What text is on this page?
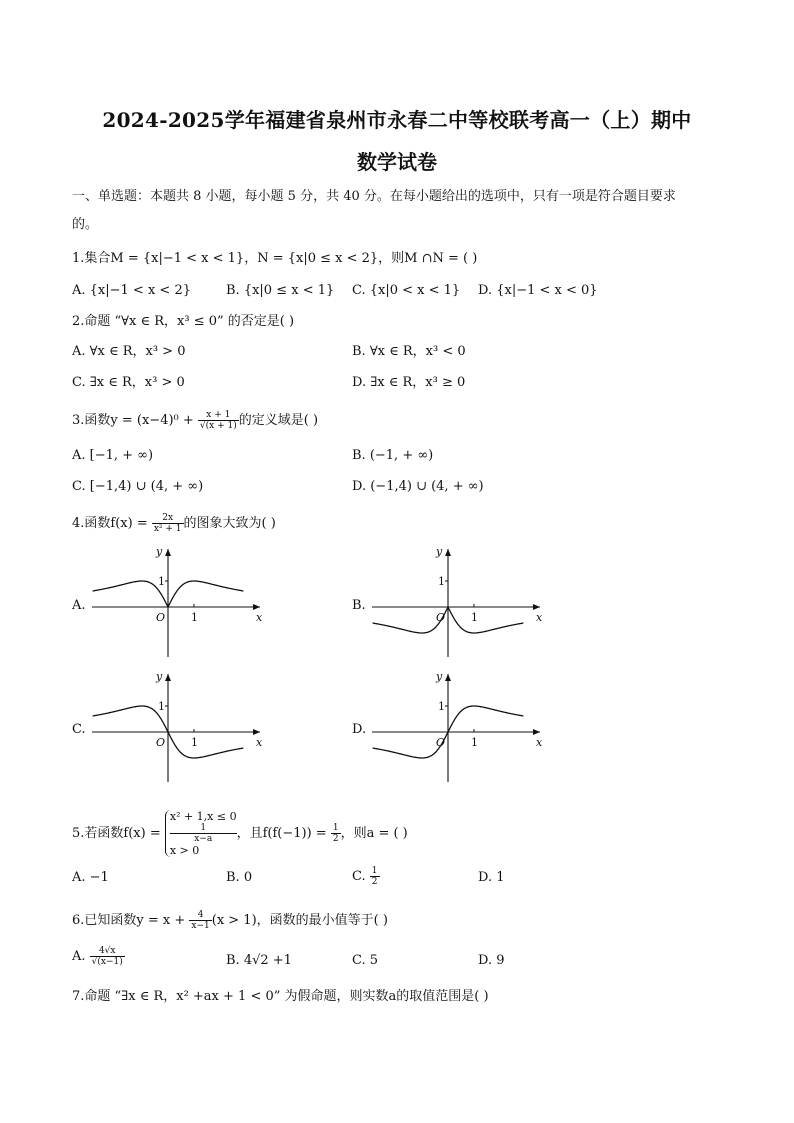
2024-2025学年福建省泉州市永春二中等校联考高一（上）期中
数学试卷
一、单选题：本题共 8 小题，每小题 5 分，共 40 分。在每小题给出的选项中，只有一项是符合题目要求
的。
1.集合M = {x|−1 < x < 1}，N = {x|0 ≤ x < 2}，则M ∩N = ( )
A. {x|−1 < x < 2}	B. {x|0 ≤ x < 1} C. {x|0 < x < 1} D. {x|−1 < x < 0}
2.命题 “∀x ∈ R，x³ ≤ 0” 的否定是( )
A. ∀x ∈ R，x³ > 0	B. ∀x ∈ R，x³ < 0
C. ∃x ∈ R，x³ > 0	D. ∃x ∈ R，x³ ≥ 0
3.函数$y = (x-4)^0 + \frac{x + 1}{√(x + 1)}$ 的定义域是( )
A. [−1, + ∞)	B. (−1, + ∞)
C. [−1,4) ∪ (4, + ∞)	D. (−1,4) ∪ (4, + ∞)
4.函数$f(x) = \frac{2x}{\text{x² + 1}}$ 的图象大致为( )
A.	B.
C.	D.
y
x
O
1
1
y
x
O
1
1
y
x
O
1
1
y
x
O
1
1
5.若函数f(x) =
x² + 1,x ≤ 0
1
x−a
x > 0
，且$f(f(-1)) = \frac{1}{2}$ ，则a = ( )
A. −1	B. 0	C. $\frac{1}{2}$	D. 1
6.已知函数$y = x + \frac{4}{x-1} (x > 1)$，函数的最小值等于( )
A. $\frac{4√x}{√(x-1)}$	B. 4√2 +1	C. 5	D. 9
7.命题 “∃x ∈ R，x² +ax + 1 < 0” 为假命题，则实数a的取值范围是( )
